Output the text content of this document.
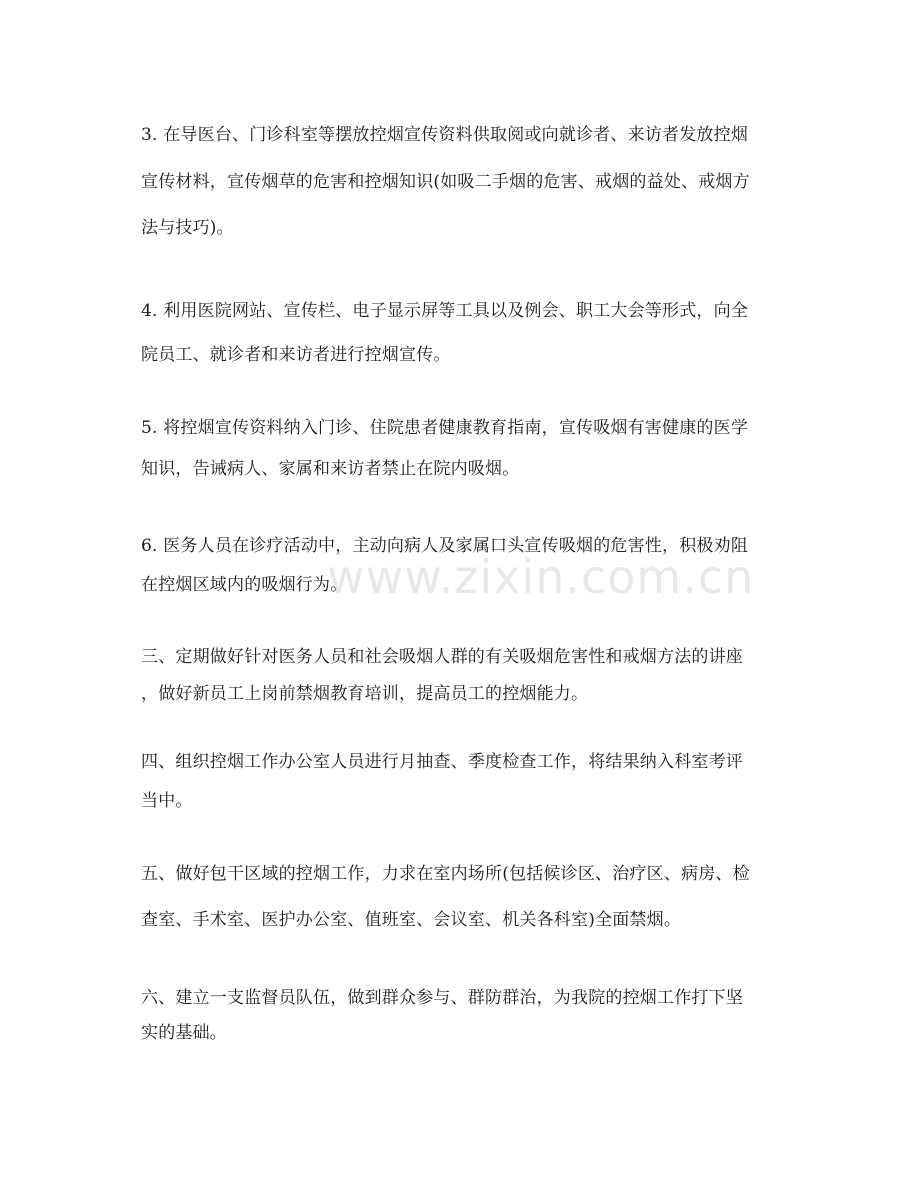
3. 在导医台、门诊科室等摆放控烟宣传资料供取阅或向就诊者、来访者发放控烟
宣传材料，宣传烟草的危害和控烟知识(如吸二手烟的危害、戒烟的益处、戒烟方
法与技巧)。
4. 利用医院网站、宣传栏、电子显示屏等工具以及例会、职工大会等形式，向全
院员工、就诊者和来访者进行控烟宣传。
5. 将控烟宣传资料纳入门诊、住院患者健康教育指南，宣传吸烟有害健康的医学
知识，告诫病人、家属和来访者禁止在院内吸烟。
6. 医务人员在诊疗活动中，主动向病人及家属口头宣传吸烟的危害性，积极劝阻
在控烟区域内的吸烟行为。
三、定期做好针对医务人员和社会吸烟人群的有关吸烟危害性和戒烟方法的讲座
，做好新员工上岗前禁烟教育培训，提高员工的控烟能力。
四、组织控烟工作办公室人员进行月抽查、季度检查工作，将结果纳入科室考评
当中。
五、做好包干区域的控烟工作，力求在室内场所(包括候诊区、治疗区、病房、检
查室、手术室、医护办公室、值班室、会议室、机关各科室)全面禁烟。
六、建立一支监督员队伍，做到群众参与、群防群治，为我院的控烟工作打下坚
实的基础。
www.zixin.com.cn
